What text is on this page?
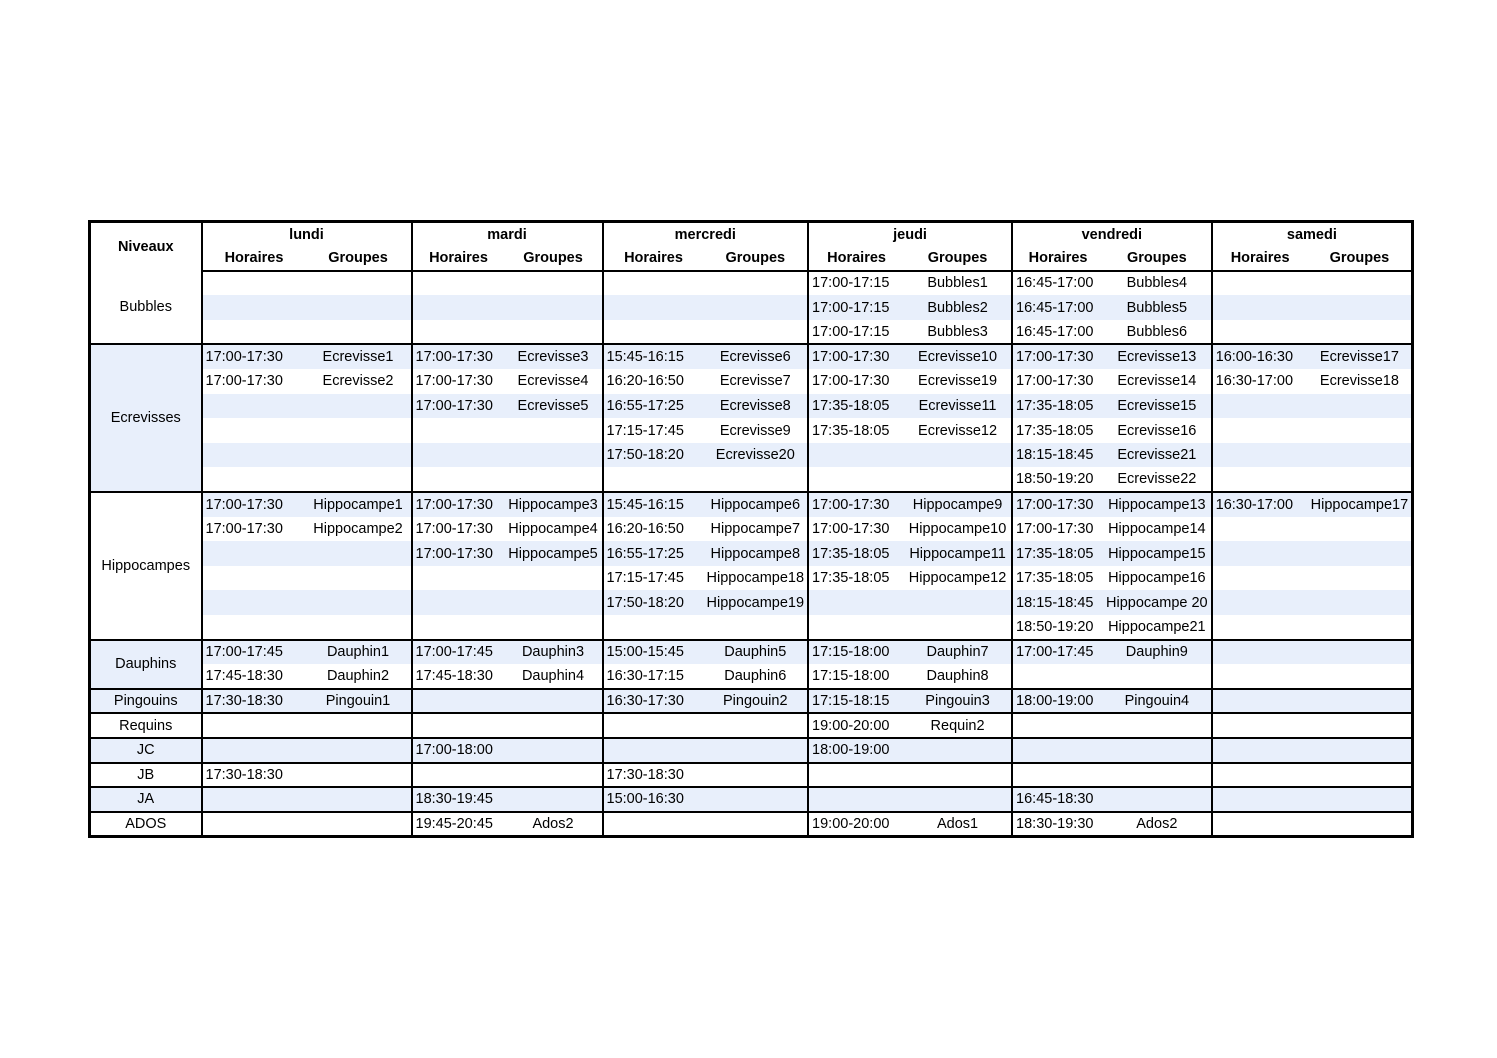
Niveaux	lundi		mardi		mercredi		jeudi		vendredi		samedi	
	Horaires	Groupes	Horaires	Groupes	Horaires	Groupes	Horaires	Groupes	Horaires	Groupes	Horaires	Groupes
Bubbles							17:00-17:15	Bubbles1	16:45-17:00	Bubbles4		
							17:00-17:15	Bubbles2	16:45-17:00	Bubbles5		
							17:00-17:15	Bubbles3	16:45-17:00	Bubbles6		
Ecrevisses	17:00-17:30	Ecrevisse1	17:00-17:30	Ecrevisse3	15:45-16:15	Ecrevisse6	17:00-17:30	Ecrevisse10	17:00-17:30	Ecrevisse13	16:00-16:30	Ecrevisse17
	17:00-17:30	Ecrevisse2	17:00-17:30	Ecrevisse4	16:20-16:50	Ecrevisse7	17:00-17:30	Ecrevisse19	17:00-17:30	Ecrevisse14	16:30-17:00	Ecrevisse18
			17:00-17:30	Ecrevisse5	16:55-17:25	Ecrevisse8	17:35-18:05	Ecrevisse11	17:35-18:05	Ecrevisse15		
					17:15-17:45	Ecrevisse9	17:35-18:05	Ecrevisse12	17:35-18:05	Ecrevisse16		
					17:50-18:20	Ecrevisse20			18:15-18:45	Ecrevisse21		
									18:50-19:20	Ecrevisse22		
Hippocampes	17:00-17:30	Hippocampe1	17:00-17:30	Hippocampe3	15:45-16:15	Hippocampe6	17:00-17:30	Hippocampe9	17:00-17:30	Hippocampe13	16:30-17:00	Hippocampe17
	17:00-17:30	Hippocampe2	17:00-17:30	Hippocampe4	16:20-16:50	Hippocampe7	17:00-17:30	Hippocampe10	17:00-17:30	Hippocampe14		
			17:00-17:30	Hippocampe5	16:55-17:25	Hippocampe8	17:35-18:05	Hippocampe11	17:35-18:05	Hippocampe15		
					17:15-17:45	Hippocampe18	17:35-18:05	Hippocampe12	17:35-18:05	Hippocampe16		
					17:50-18:20	Hippocampe19			18:15-18:45	Hippocampe 20		
									18:50-19:20	Hippocampe21		
Dauphins	17:00-17:45	Dauphin1	17:00-17:45	Dauphin3	15:00-15:45	Dauphin5	17:15-18:00	Dauphin7	17:00-17:45	Dauphin9		
	17:45-18:30	Dauphin2	17:45-18:30	Dauphin4	16:30-17:15	Dauphin6	17:15-18:00	Dauphin8				
Pingouins	17:30-18:30	Pingouin1			16:30-17:30	Pingouin2	17:15-18:15	Pingouin3	18:00-19:00	Pingouin4		
Requins							19:00-20:00	Requin2				
JC			17:00-18:00				18:00-19:00					
JB	17:30-18:30				17:30-18:30							
JA			18:30-19:45		15:00-16:30				16:45-18:30			
ADOS			19:45-20:45	Ados2			19:00-20:00	Ados1	18:30-19:30	Ados2		
